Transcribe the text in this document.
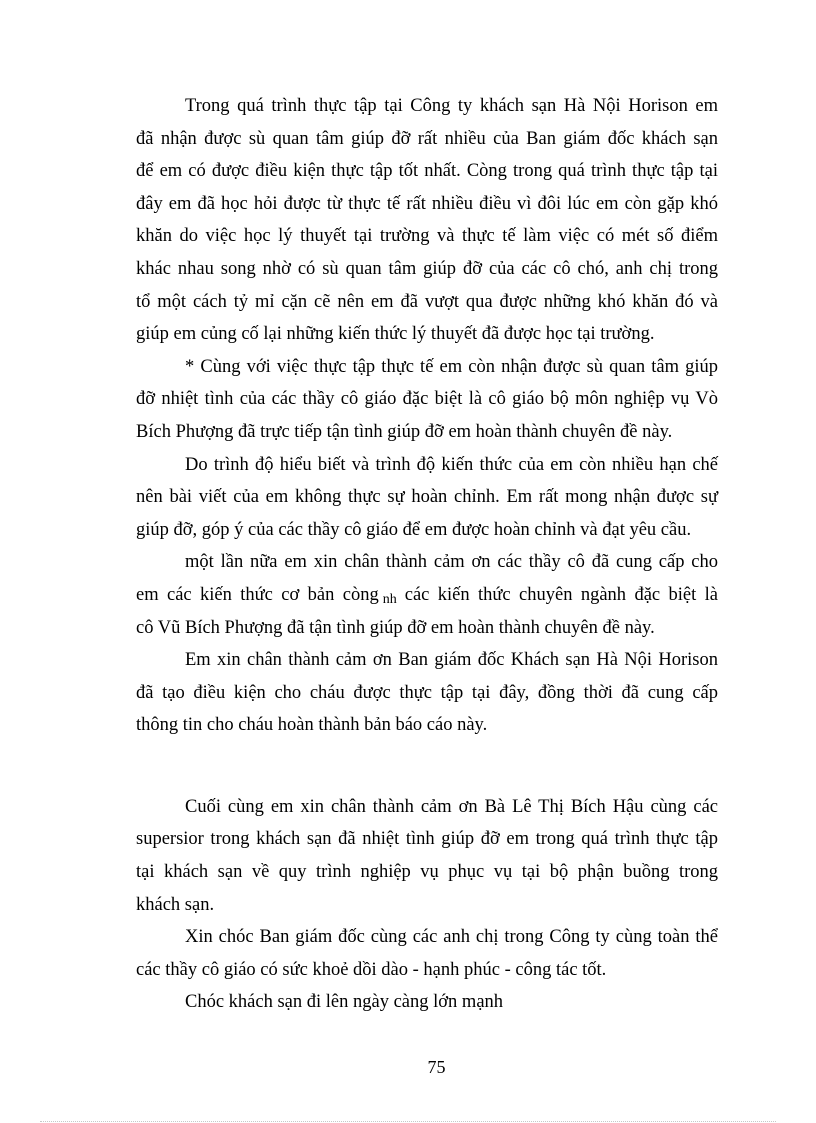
Trong quá trình thực tập tại Công ty khách sạn Hà Nội Horison em
đã nhận được sù quan tâm giúp đỡ rất nhiều của Ban giám đốc khách sạn
để em có được điều kiện thực tập tốt nhất. Còng trong quá trình thực tập tại
đây em đã học hỏi được từ thực tế rất nhiều điều vì đôi lúc em còn gặp khó
khăn do việc học lý thuyết tại trường và thực tế làm việc có mét số điểm
khác nhau song nhờ có sù quan tâm giúp đỡ của các cô chó, anh chị trong
tổ một cách tỷ mỉ cặn cẽ nên em đã vượt qua được những khó khăn đó và
giúp em củng cố lại những kiến thức lý thuyết đã được học tại trường.
* Cùng với việc thực tập thực tế em còn nhận được sù quan tâm giúp
đỡ nhiệt tình của các thầy cô giáo đặc biệt là cô giáo bộ môn nghiệp vụ Vò
Bích Phượng đã trực tiếp tận tình giúp đỡ em hoàn thành chuyên đề này.
Do trình độ hiểu biết và trình độ kiến thức của em còn nhiều hạn chế
nên bài viết của em không thực sự hoàn chỉnh. Em rất mong nhận được sự
giúp đỡ, góp ý của các thầy cô giáo để em được hoàn chỉnh và đạt yêu cầu.
một lần nữa em xin chân thành cảm ơn các thầy cô đã cung cấp cho
em các kiến thức cơ bản còng nh các kiến thức chuyên ngành đặc biệt là
cô Vũ Bích Phượng đã tận tình giúp đỡ em hoàn thành chuyên đề này.
Em xin chân thành cảm ơn Ban giám đốc Khách sạn Hà Nội Horison
đã tạo điều kiện cho cháu được thực tập tại đây, đồng thời đã cung cấp
thông tin cho cháu hoàn thành bản báo cáo này.
Cuối cùng em xin chân thành cảm ơn Bà Lê Thị Bích Hậu cùng các
supersior trong khách sạn đã nhiệt tình giúp đỡ em trong quá trình thực tập
tại khách sạn về quy trình nghiệp vụ phục vụ tại bộ phận buồng trong
khách sạn.
Xin chóc Ban giám đốc cùng các anh chị trong Công ty cùng toàn thể
các thầy cô giáo có sức khoẻ dồi dào - hạnh phúc - công tác tốt.
Chóc khách sạn đi lên ngày càng lớn mạnh
75
